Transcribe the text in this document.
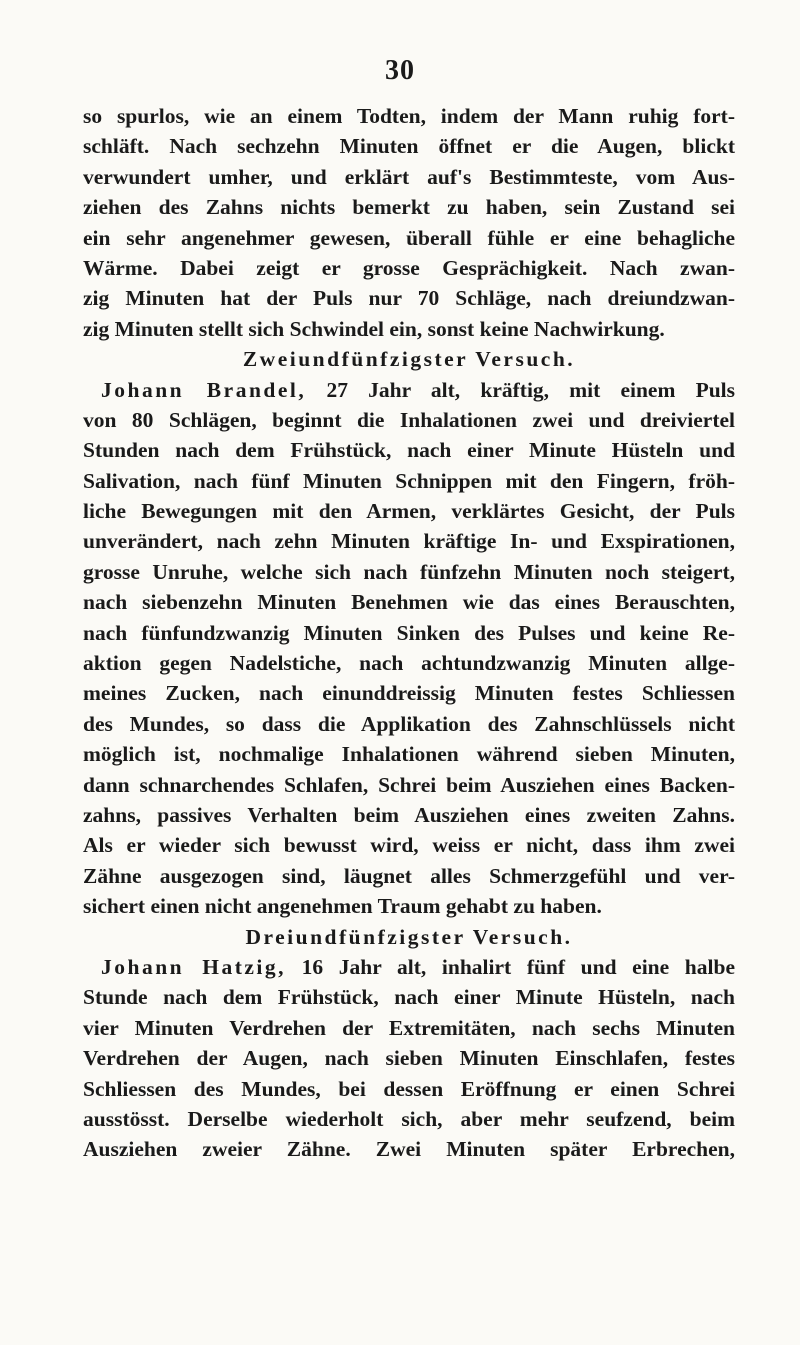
30
so spurlos, wie an einem Todten, indem der Mann ruhig fort-
schläft. Nach sechzehn Minuten öffnet er die Augen, blickt
verwundert umher, und erklärt auf's Bestimmteste, vom Aus-
ziehen des Zahns nichts bemerkt zu haben, sein Zustand sei
ein sehr angenehmer gewesen, überall fühle er eine behagliche
Wärme. Dabei zeigt er grosse Gesprächigkeit. Nach zwan-
zig Minuten hat der Puls nur 70 Schläge, nach dreiundzwan-
zig Minuten stellt sich Schwindel ein, sonst keine Nachwirkung.
Zweiundfünfzigster Versuch.
Johann Brandel, 27 Jahr alt, kräftig, mit einem Puls
von 80 Schlägen, beginnt die Inhalationen zwei und dreiviertel
Stunden nach dem Frühstück, nach einer Minute Hüsteln und
Salivation, nach fünf Minuten Schnippen mit den Fingern, fröh-
liche Bewegungen mit den Armen, verklärtes Gesicht, der Puls
unverändert, nach zehn Minuten kräftige In- und Exspirationen,
grosse Unruhe, welche sich nach fünfzehn Minuten noch steigert,
nach siebenzehn Minuten Benehmen wie das eines Berauschten,
nach fünfundzwanzig Minuten Sinken des Pulses und keine Re-
aktion gegen Nadelstiche, nach achtundzwanzig Minuten allge-
meines Zucken, nach einunddreissig Minuten festes Schliessen
des Mundes, so dass die Applikation des Zahnschlüssels nicht
möglich ist, nochmalige Inhalationen während sieben Minuten,
dann schnarchendes Schlafen, Schrei beim Ausziehen eines Backen-
zahns, passives Verhalten beim Ausziehen eines zweiten Zahns.
Als er wieder sich bewusst wird, weiss er nicht, dass ihm zwei
Zähne ausgezogen sind, läugnet alles Schmerzgefühl und ver-
sichert einen nicht angenehmen Traum gehabt zu haben.
Dreiundfünfzigster Versuch.
Johann Hatzig, 16 Jahr alt, inhalirt fünf und eine halbe
Stunde nach dem Frühstück, nach einer Minute Hüsteln, nach
vier Minuten Verdrehen der Extremitäten, nach sechs Minuten
Verdrehen der Augen, nach sieben Minuten Einschlafen, festes
Schliessen des Mundes, bei dessen Eröffnung er einen Schrei
ausstösst. Derselbe wiederholt sich, aber mehr seufzend, beim
Ausziehen zweier Zähne. Zwei Minuten später Erbrechen,
